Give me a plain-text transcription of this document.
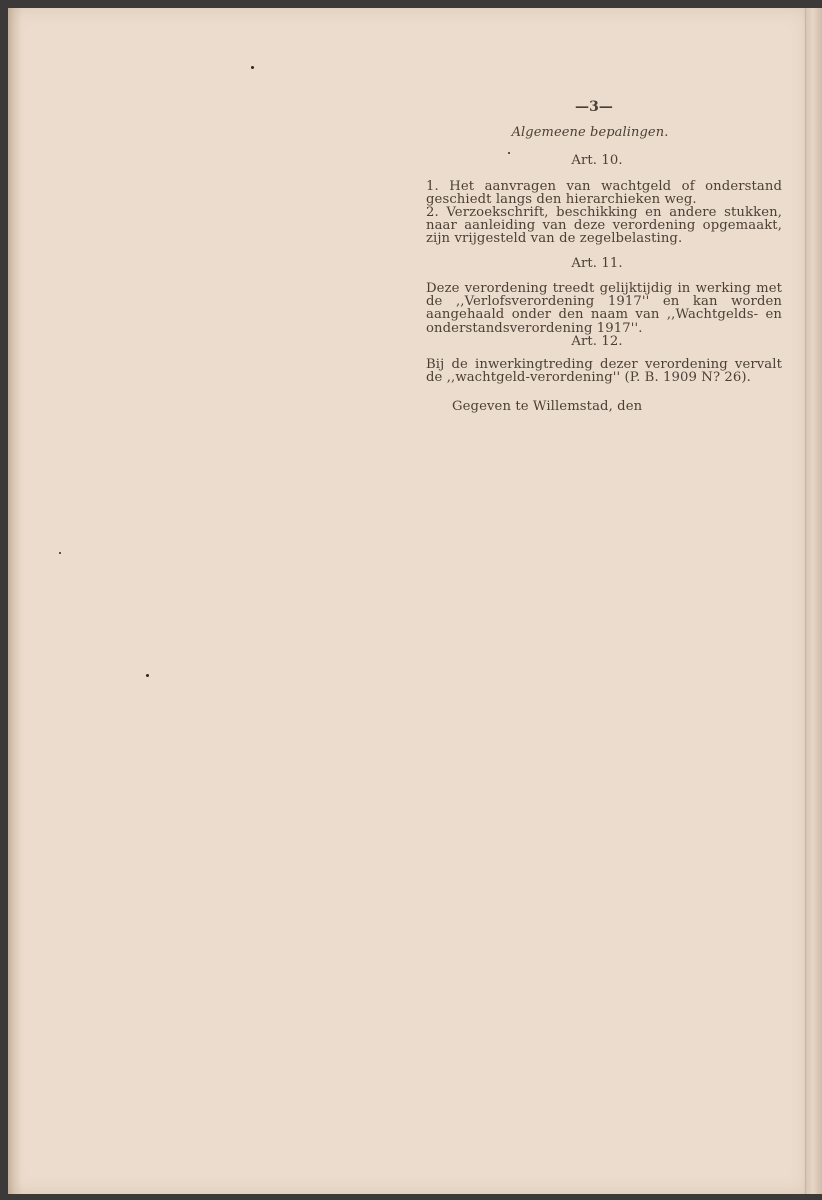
—3—
Algemeene bepalingen.
Art. 10.
1. Het aanvragen van wachtgeld of onderstand geschiedt langs den hierarchieken weg.
2. Verzoekschrift, beschikking en andere stukken, naar aanleiding van deze verordening opgemaakt, zijn vrijgesteld van de zegelbelasting.
Art. 11.
Deze verordening treedt gelijktijdig in werking met de ,,Verlofsverordening 1917'' en kan worden aangehaald onder den naam van ,,Wachtgelds- en onderstandsverordening 1917''.
Art. 12.
Bij de inwerkingtreding dezer verordening vervalt de ,,wachtgeld-verordening'' (P. B. 1909 N? 26).
Gegeven te Willemstad, den
